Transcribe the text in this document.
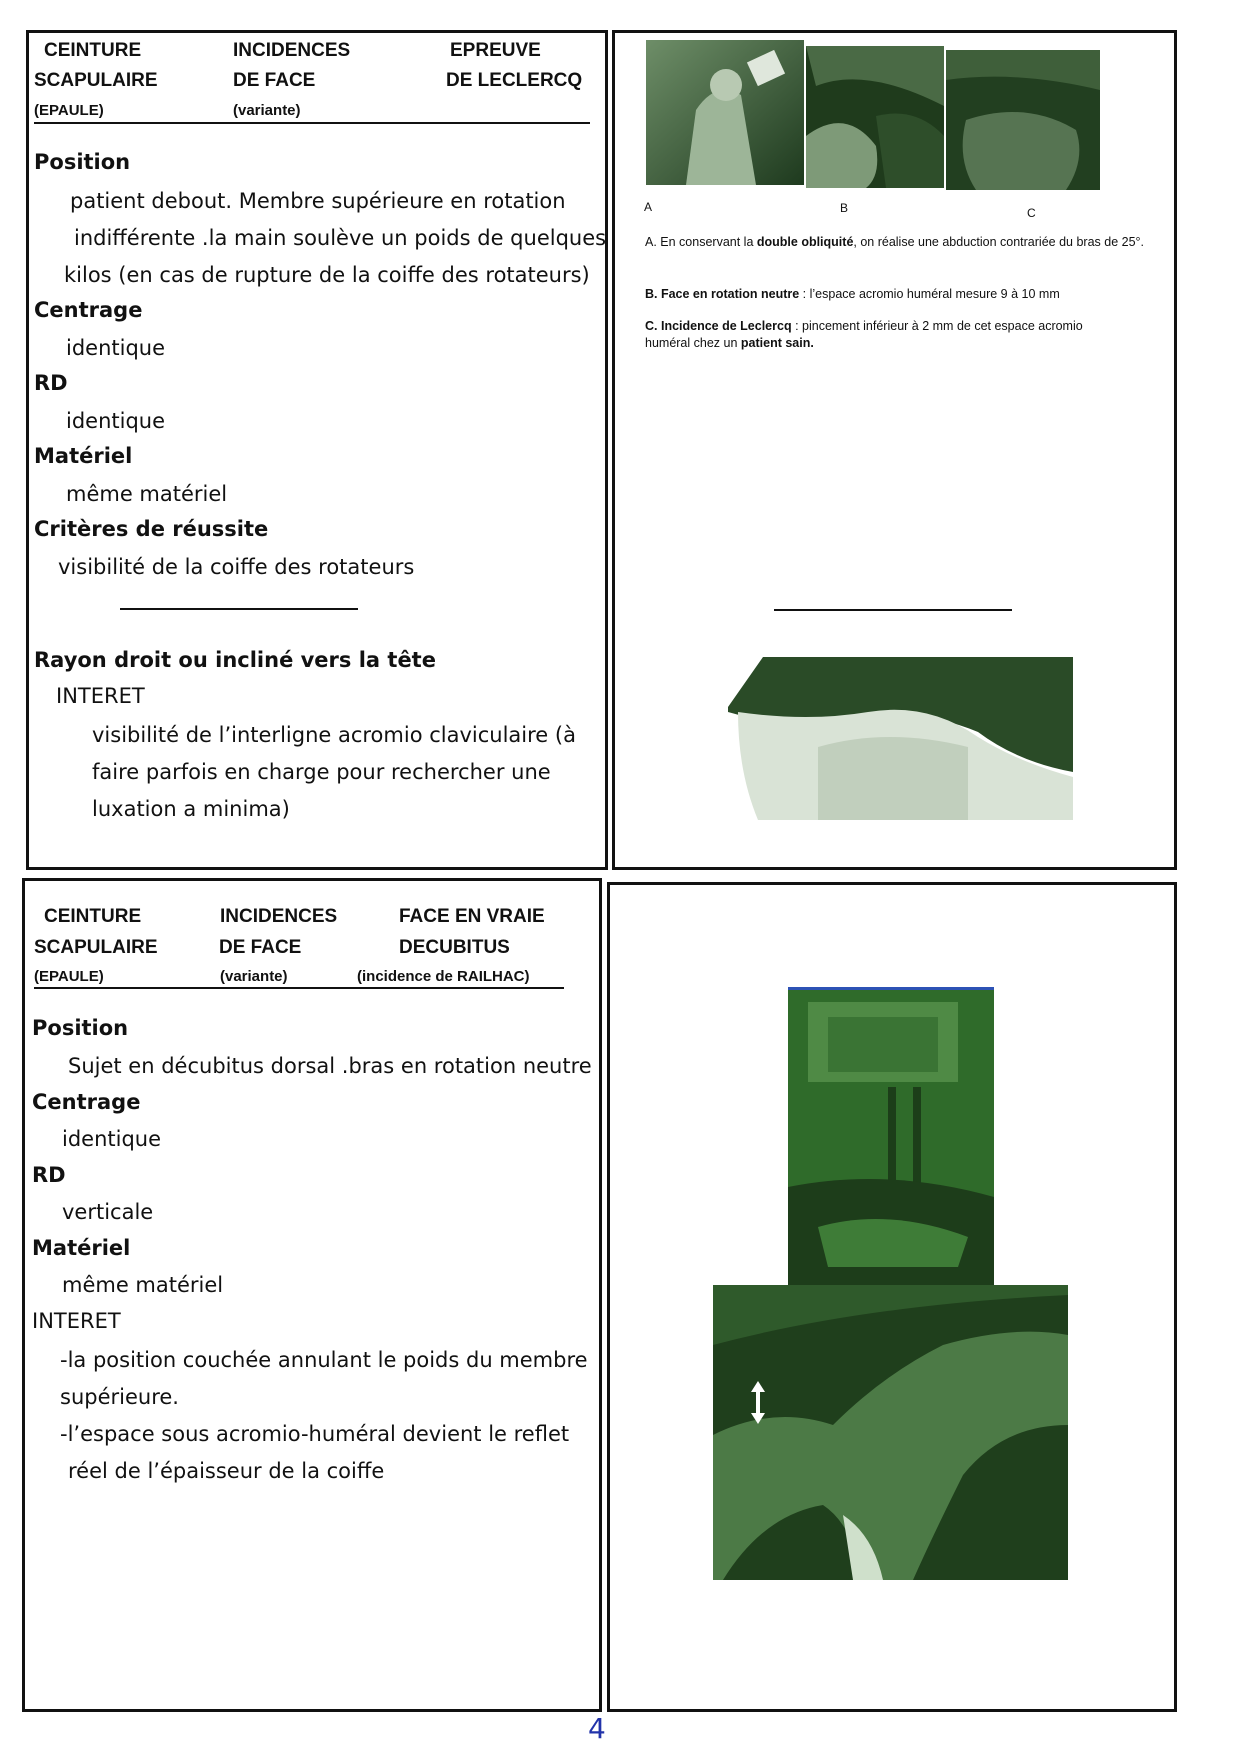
CEINTURE
SCAPULAIRE
(EPAULE)
INCIDENCES
DE FACE
(variante)
EPREUVE
DE LECLERCQ
Position
patient debout. Membre supérieure en rotation
indifférente .la main soulève un poids de quelques
kilos (en cas de rupture de la coiffe des rotateurs)
Centrage
identique
RD
identique
Matériel
même matériel
Critères de réussite
visibilité de la coiffe des rotateurs
Rayon droit ou incliné vers la tête
INTERET
visibilité de l’interligne acromio claviculaire (à
faire parfois en charge pour rechercher une
luxation a minima)
A	B	C
A. En conservant la double obliquité, on réalise une abduction contrariée du bras de 25°.
B. Face en rotation neutre : l’espace acromio huméral mesure 9 à 10 mm
C. Incidence de Leclercq : pincement inférieur à 2 mm de cet espace acromio huméral chez un patient sain.
CEINTURE
SCAPULAIRE
(EPAULE)
INCIDENCES
DE FACE
(variante)
FACE EN VRAIE
DECUBITUS
(incidence de RAILHAC)
Position
Sujet en décubitus dorsal .bras en rotation neutre
Centrage
identique
RD
verticale
Matériel
même matériel
INTERET
-la position couchée annulant le poids du membre
supérieure.
-l’espace sous acromio-huméral devient le reflet
réel de l’épaisseur de la coiffe
4
